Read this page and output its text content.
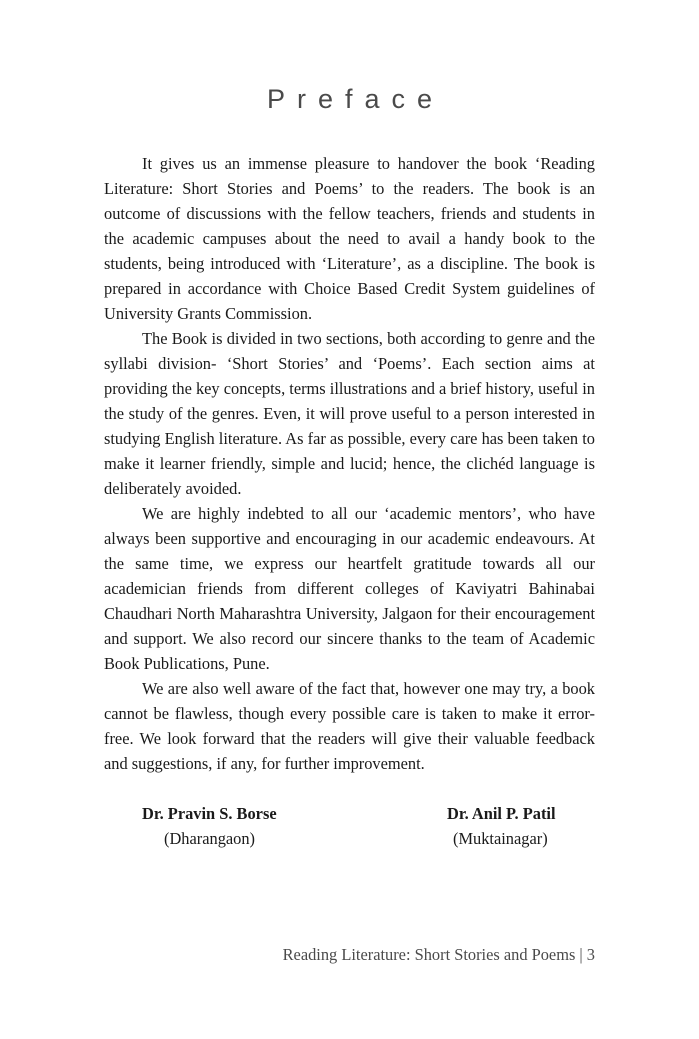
Preface

It gives us an immense pleasure to handover the book ‘Reading Literature: Short Stories and Poems’ to the readers. The book is an outcome of discussions with the fellow teachers, friends and students in the academic campuses about the need to avail a handy book to the students, being introduced with ‘Literature’, as a discipline. The book is prepared in accordance with Choice Based Credit System guidelines of University Grants Commission.

The Book is divided in two sections, both according to genre and the syllabi division- ‘Short Stories’ and ‘Poems’. Each section aims at providing the key concepts, terms illustrations and a brief history, useful in the study of the genres. Even, it will prove useful to a person interested in studying English literature. As far as possible, every care has been taken to make it learner friendly, simple and lucid; hence, the clichéd language is deliberately avoided.

We are highly indebted to all our ‘academic mentors’, who have always been supportive and encouraging in our academic endeavours. At the same time, we express our heartfelt gratitude towards all our academician friends from different colleges of Kaviyatri Bahinabai Chaudhari North Maharashtra University, Jalgaon for their encouragement and support. We also record our sincere thanks to the team of Academic Book Publications, Pune.

We are also well aware of the fact that, however one may try, a book cannot be flawless, though every possible care is taken to make it error-free. We look forward that the readers will give their valuable feedback and suggestions, if any, for further improvement.

Dr. Pravin S. Borse
(Dharangaon)
Dr. Anil P. Patil
(Muktainagar)
Reading Literature: Short Stories and Poems | 3
